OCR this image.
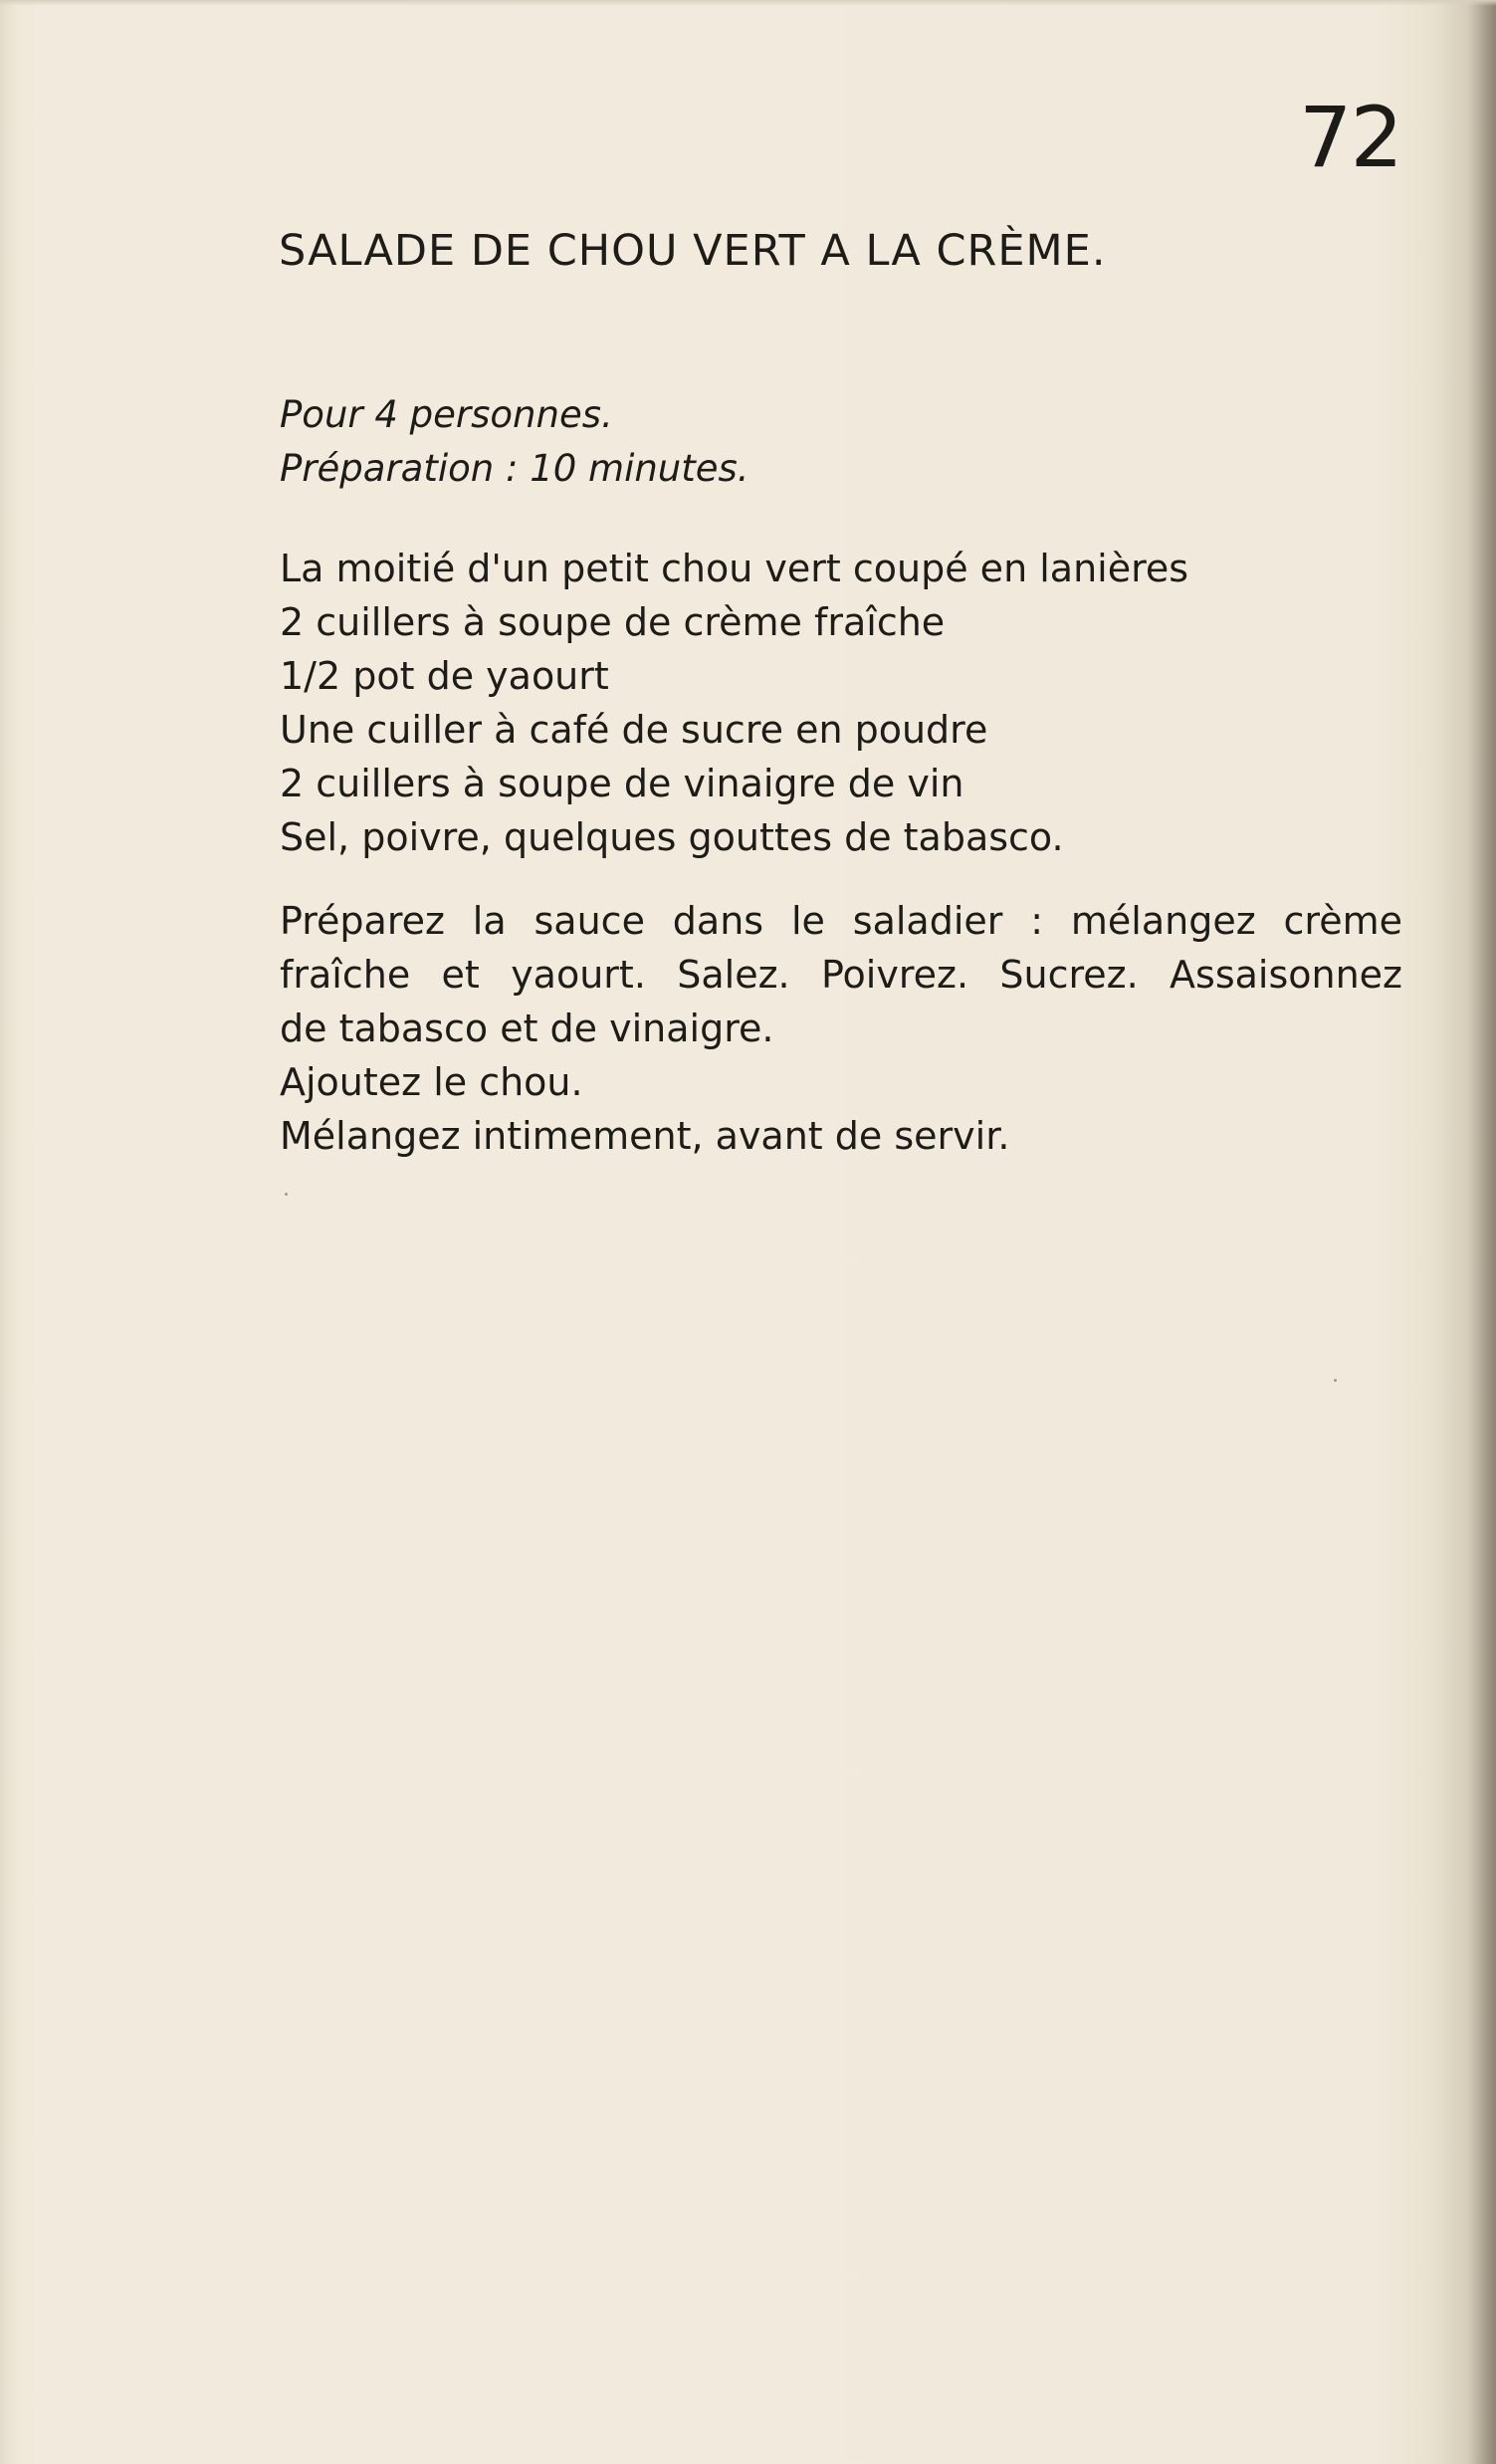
72
SALADE DE CHOU VERT A LA CRÈME.
Pour 4 personnes.
Préparation : 10 minutes.
La moitié d'un petit chou vert coupé en lanières
2 cuillers à soupe de crème fraîche
1/2 pot de yaourt
Une cuiller à café de sucre en poudre
2 cuillers à soupe de vinaigre de vin
Sel, poivre, quelques gouttes de tabasco.
Préparez la sauce dans le saladier : mélangez crème
fraîche et yaourt. Salez. Poivrez. Sucrez. Assaisonnez
de tabasco et de vinaigre.
Ajoutez le chou.
Mélangez intimement, avant de servir.
